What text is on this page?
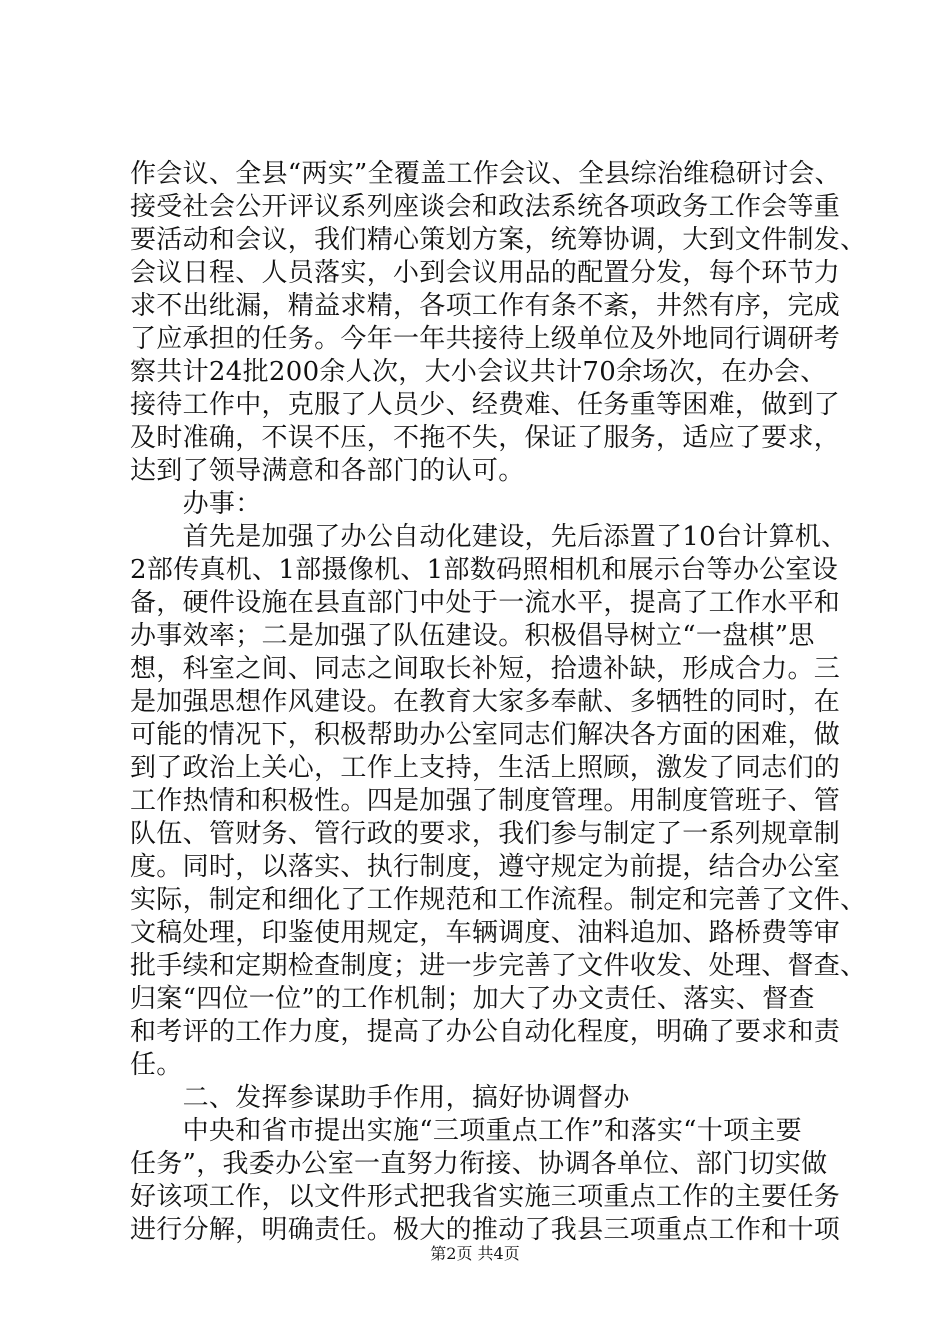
作会议、全县“两实”全覆盖工作会议、全县综治维稳研讨会、
接受社会公开评议系列座谈会和政法系统各项政务工作会等重
要活动和会议，我们精心策划方案，统筹协调，大到文件制发、
会议日程、人员落实，小到会议用品的配置分发，每个环节力
求不出纰漏，精益求精，各项工作有条不紊，井然有序，完成
了应承担的任务。今年一年共接待上级单位及外地同行调研考
察共计24批200余人次，大小会议共计70余场次，在办会、
接待工作中，克服了人员少、经费难、任务重等困难，做到了
及时准确，不误不压，不拖不失，保证了服务，适应了要求，
达到了领导满意和各部门的认可。
　　办事：
　　首先是加强了办公自动化建设，先后添置了10台计算机、
2部传真机、1部摄像机、1部数码照相机和展示台等办公室设
备，硬件设施在县直部门中处于一流水平，提高了工作水平和
办事效率；二是加强了队伍建设。积极倡导树立“一盘棋”思
想，科室之间、同志之间取长补短，拾遗补缺，形成合力。三
是加强思想作风建设。在教育大家多奉献、多牺牲的同时，在
可能的情况下，积极帮助办公室同志们解决各方面的困难，做
到了政治上关心，工作上支持，生活上照顾，激发了同志们的
工作热情和积极性。四是加强了制度管理。用制度管班子、管
队伍、管财务、管行政的要求，我们参与制定了一系列规章制
度。同时，以落实、执行制度，遵守规定为前提，结合办公室
实际，制定和细化了工作规范和工作流程。制定和完善了文件、
文稿处理，印鉴使用规定，车辆调度、油料追加、路桥费等审
批手续和定期检查制度；进一步完善了文件收发、处理、督查、
归案“四位一位”的工作机制；加大了办文责任、落实、督查
和考评的工作力度，提高了办公自动化程度，明确了要求和责
任。
　　二、发挥参谋助手作用，搞好协调督办
　　中央和省市提出实施“三项重点工作”和落实“十项主要
任务”，我委办公室一直努力衔接、协调各单位、部门切实做
好该项工作，以文件形式把我省实施三项重点工作的主要任务
进行分解，明确责任。极大的推动了我县三项重点工作和十项
第2页 共4页
